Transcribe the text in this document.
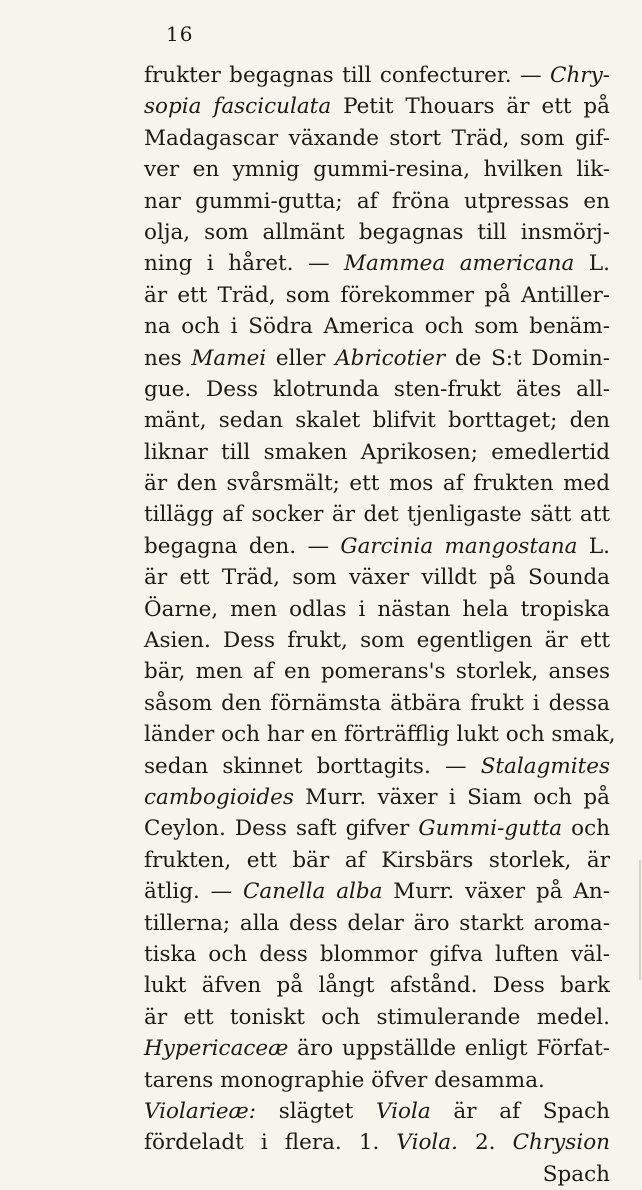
16
frukter begagnas till confecturer. — Chry-
sopia fasciculata Petit Thouars är ett på
Madagascar växande stort Träd, som gif-
ver en ymnig gummi-resina, hvilken lik-
nar gummi-gutta; af fröna utpressas en
olja, som allmänt begagnas till insmörj-
ning i håret. — Mammea americana L.
är ett Träd, som förekommer på Antiller-
na och i Södra America och som benäm-
nes Mamei eller Abricotier de S:t Domin-
gue. Dess klotrunda sten-frukt ätes all-
mänt, sedan skalet blifvit borttaget; den
liknar till smaken Aprikosen; emedlertid
är den svårsmält; ett mos af frukten med
tillägg af socker är det tjenligaste sätt att
begagna den. — Garcinia mangostana L.
är ett Träd, som växer villdt på Sounda
Öarne, men odlas i nästan hela tropiska
Asien. Dess frukt, som egentligen är ett
bär, men af en pomerans's storlek, anses
såsom den förnämsta ätbära frukt i dessa
länder och har en förträfflig lukt och smak,
sedan skinnet borttagits. — Stalagmites
cambogioides Murr. växer i Siam och på
Ceylon. Dess saft gifver Gummi-gutta och
frukten, ett bär af Kirsbärs storlek, är
ätlig. — Canella alba Murr. växer på An-
tillerna; alla dess delar äro starkt aroma-
tiska och dess blommor gifva luften väl-
lukt äfven på långt afstånd. Dess bark
är ett toniskt och stimulerande medel.
Hypericaceæ äro uppställde enligt Förfat-
tarens monographie öfver desamma.
Violarieæ: slägtet Viola är af Spach
fördeladt i flera. 1. Viola. 2. Chrysion
Spach
